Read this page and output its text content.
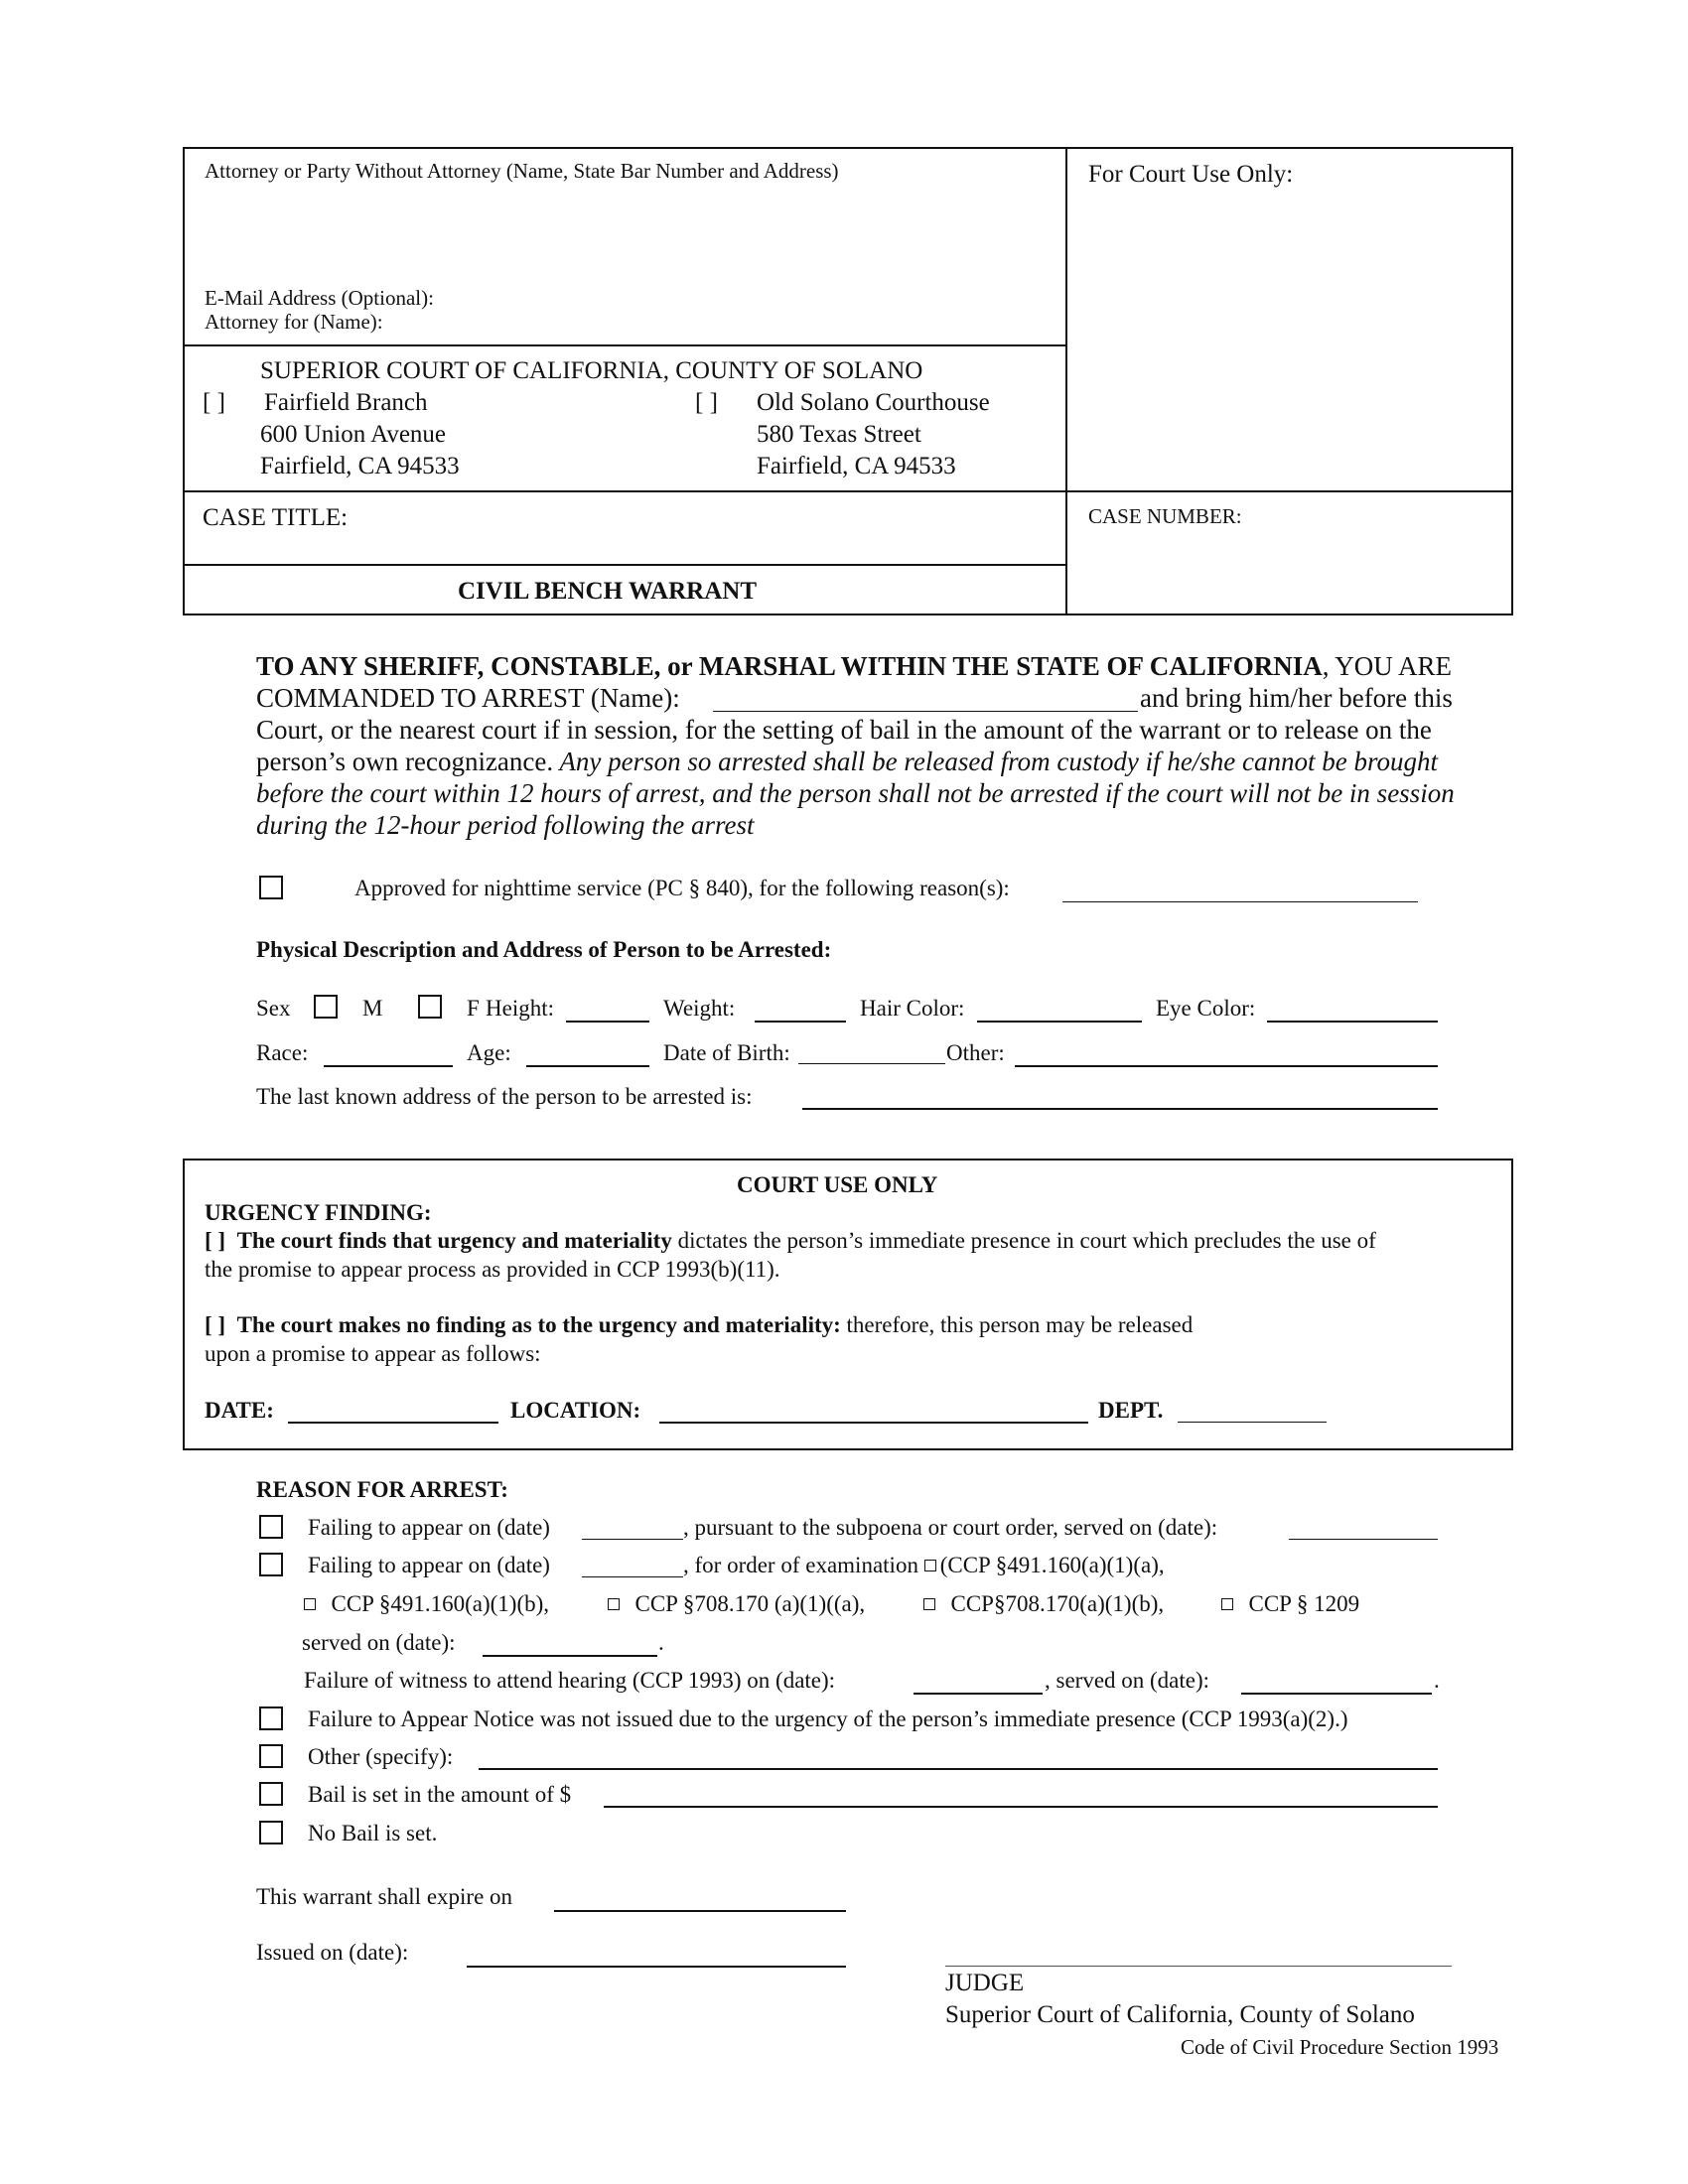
Attorney or Party Without Attorney (Name, State Bar Number and Address)
E-Mail Address (Optional):
Attorney for (Name):
For Court Use Only:
SUPERIOR COURT OF CALIFORNIA, COUNTY OF SOLANO
[ ] Fairfield Branch
600 Union Avenue
Fairfield, CA 94533
[ ] Old Solano Courthouse
580 Texas Street
Fairfield, CA 94533
CASE TITLE:	CASE NUMBER:
CIVIL BENCH WARRANT
TO ANY SHERIFF, CONSTABLE, or MARSHAL WITHIN THE STATE OF CALIFORNIA, YOU ARE
COMMANDED TO ARREST (Name):	and bring him/her before this
Court, or the nearest court if in session, for the setting of bail in the amount of the warrant or to release on the
person’s own recognizance. Any person so arrested shall be released from custody if he/she cannot be brought
before the court within 12 hours of arrest, and the person shall not be arrested if the court will not be in session
during the 12-hour period following the arrest
Approved for nighttime service (PC § 840), for the following reason(s):
Physical Description and Address of Person to be Arrested:
Sex	M	F Height:	Weight:	Hair Color:	Eye Color:
Race:	Age:	Date of Birth:	Other:
The last known address of the person to be arrested is:
COURT USE ONLY
URGENCY FINDING:
[ ] The court finds that urgency and materiality dictates the person’s immediate presence in court which precludes the use of
the promise to appear process as provided in CCP 1993(b)(11).
[ ] The court makes no finding as to the urgency and materiality: therefore, this person may be released
upon a promise to appear as follows:
DATE:	LOCATION:	DEPT.
REASON FOR ARREST:
Failing to appear on (date)	, pursuant to the subpoena or court order, served on (date):
Failing to appear on (date)	, for order of examination (CCP §491.160(a)(1)(a),
CCP §491.160(a)(1)(b),	CCP §708.170 (a)(1)((a),	CCP§708.170(a)(1)(b),	CCP § 1209
served on (date):	.
Failure of witness to attend hearing (CCP 1993) on (date):	, served on (date):	.
Failure to Appear Notice was not issued due to the urgency of the person’s immediate presence (CCP 1993(a)(2).)
Other (specify):
Bail is set in the amount of $
No Bail is set.
This warrant shall expire on
Issued on (date):
JUDGE
Superior Court of California, County of Solano
Code of Civil Procedure Section 1993
